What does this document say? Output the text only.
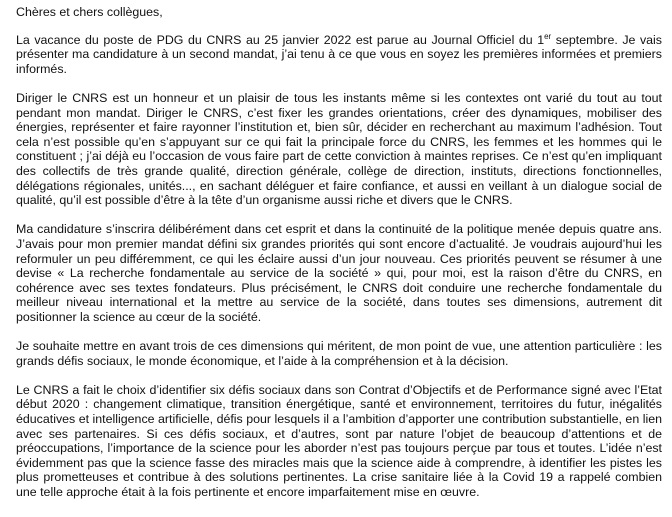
Chères et chers collègues,

La vacance du poste de PDG du CNRS au 25 janvier 2022 est parue au Journal Officiel du 1er septembre. Je vais présenter ma candidature à un second mandat, j’ai tenu à ce que vous en soyez les premières informées et premiers informés.

Diriger le CNRS est un honneur et un plaisir de tous les instants même si les contextes ont varié du tout au tout pendant mon mandat. Diriger le CNRS, c’est fixer les grandes orientations, créer des dynamiques, mobiliser des énergies, représenter et faire rayonner l’institution et, bien sûr, décider en recherchant au maximum l’adhésion. Tout cela n’est possible qu’en s’appuyant sur ce qui fait la principale force du CNRS, les femmes et les hommes qui le constituent ; j’ai déjà eu l’occasion de vous faire part de cette conviction à maintes reprises. Ce n’est qu’en impliquant des collectifs de très grande qualité, direction générale, collège de direction, instituts, directions fonctionnelles, délégations régionales, unités..., en sachant déléguer et faire confiance, et aussi en veillant à un dialogue social de qualité, qu’il est possible d’être à la tête d’un organisme aussi riche et divers que le CNRS.

Ma candidature s’inscrira délibérément dans cet esprit et dans la continuité de la politique menée depuis quatre ans. J’avais pour mon premier mandat défini six grandes priorités qui sont encore d’actualité. Je voudrais aujourd’hui les reformuler un peu différemment, ce qui les éclaire aussi d’un jour nouveau. Ces priorités peuvent se résumer à une devise « La recherche fondamentale au service de la société » qui, pour moi, est la raison d’être du CNRS, en cohérence avec ses textes fondateurs. Plus précisément, le CNRS doit conduire une recherche fondamentale du meilleur niveau international et la mettre au service de la société, dans toutes ses dimensions, autrement dit positionner la science au cœur de la société.

Je souhaite mettre en avant trois de ces dimensions qui méritent, de mon point de vue, une attention particulière : les grands défis sociaux, le monde économique, et l’aide à la compréhension et à la décision.

Le CNRS a fait le choix d’identifier six défis sociaux dans son Contrat d’Objectifs et de Performance signé avec l’Etat début 2020 : changement climatique, transition énergétique, santé et environnement, territoires du futur, inégalités éducatives et intelligence artificielle, défis pour lesquels il a l’ambition d’apporter une contribution substantielle, en lien avec ses partenaires. Si ces défis sociaux, et d’autres, sont par nature l’objet de beaucoup d’attentions et de préoccupations, l’importance de la science pour les aborder n’est pas toujours perçue par tous et toutes. L’idée n’est évidemment pas que la science fasse des miracles mais que la science aide à comprendre, à identifier les pistes les plus prometteuses et contribue à des solutions pertinentes. La crise sanitaire liée à la Covid 19 a rappelé combien une telle approche était à la fois pertinente et encore imparfaitement mise en œuvre.
